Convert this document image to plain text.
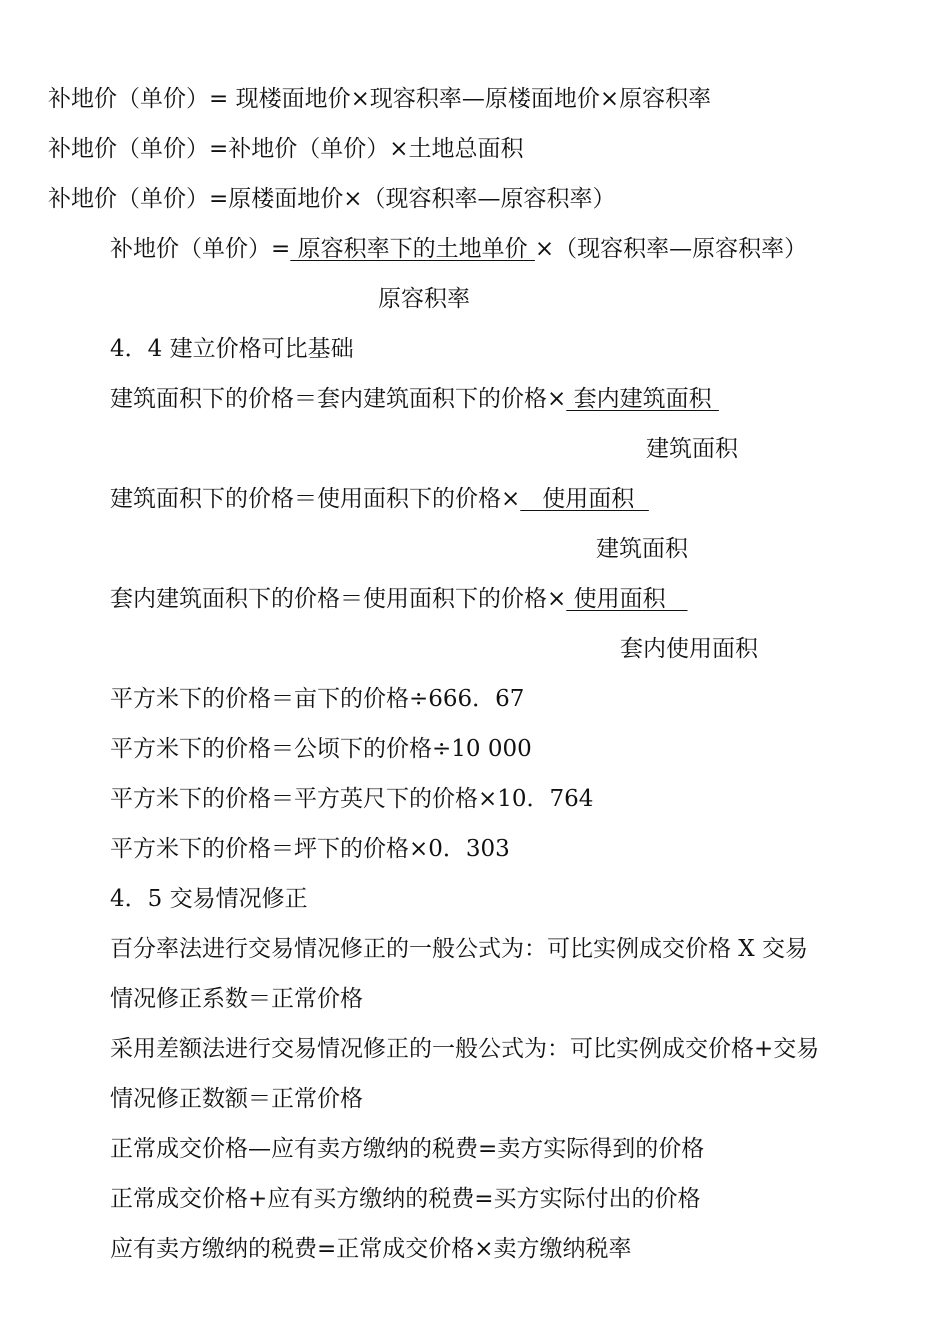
补地价（单价）= 现楼面地价×现容积率—原楼面地价×原容积率
补地价（单价）=补地价（单价）×土地总面积
补地价（单价）=原楼面地价×（现容积率—原容积率）
补地价（单价）= 原容积率下的土地单价 ×（现容积率—原容积率）
原容积率
4．4 建立价格可比基础
建筑面积下的价格＝套内建筑面积下的价格× 套内建筑面积
建筑面积
建筑面积下的价格＝使用面积下的价格×   使用面积
建筑面积
套内建筑面积下的价格＝使用面积下的价格× 使用面积
套内使用面积
平方米下的价格＝亩下的价格÷666．67
平方米下的价格＝公顷下的价格÷10 000
平方米下的价格＝平方英尺下的价格×10．764
平方米下的价格＝坪下的价格×0．303
4．5 交易情况修正
百分率法进行交易情况修正的一般公式为：可比实例成交价格 X 交易
情况修正系数＝正常价格
采用差额法进行交易情况修正的一般公式为：可比实例成交价格+交易
情况修正数额＝正常价格
正常成交价格—应有卖方缴纳的税费=卖方实际得到的价格
正常成交价格+应有买方缴纳的税费=买方实际付出的价格
应有卖方缴纳的税费=正常成交价格×卖方缴纳税率
